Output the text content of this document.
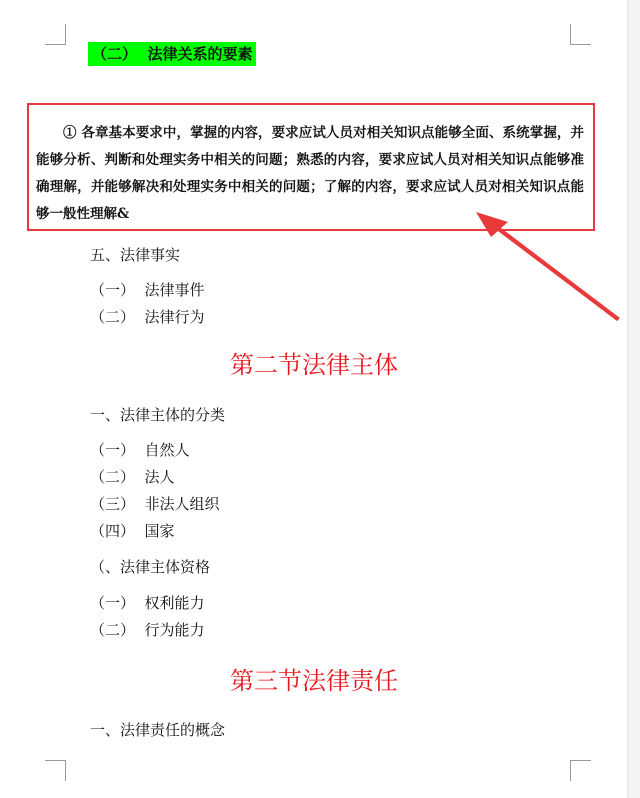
（二）  法律关系的要素

① 各章基本要求中，掌握的内容，要求应试人员对相关知识点能够全面、系统掌握，并能够分析、判断和处理实务中相关的问题；熟悉的内容，要求应试人员对相关知识点能够准确理解，并能够解决和处理实务中相关的问题；了解的内容，要求应试人员对相关知识点能够一般性理解&

五、法律事实
（一）  法律事件
（二）  法律行为
第二节法律主体
一、法律主体的分类
（一）  自然人
（二）  法人
（三）  非法人组织
（四）  国家
（、法律主体资格
（一）  权利能力
（二）  行为能力
第三节法律责任
一、法律责任的概念
